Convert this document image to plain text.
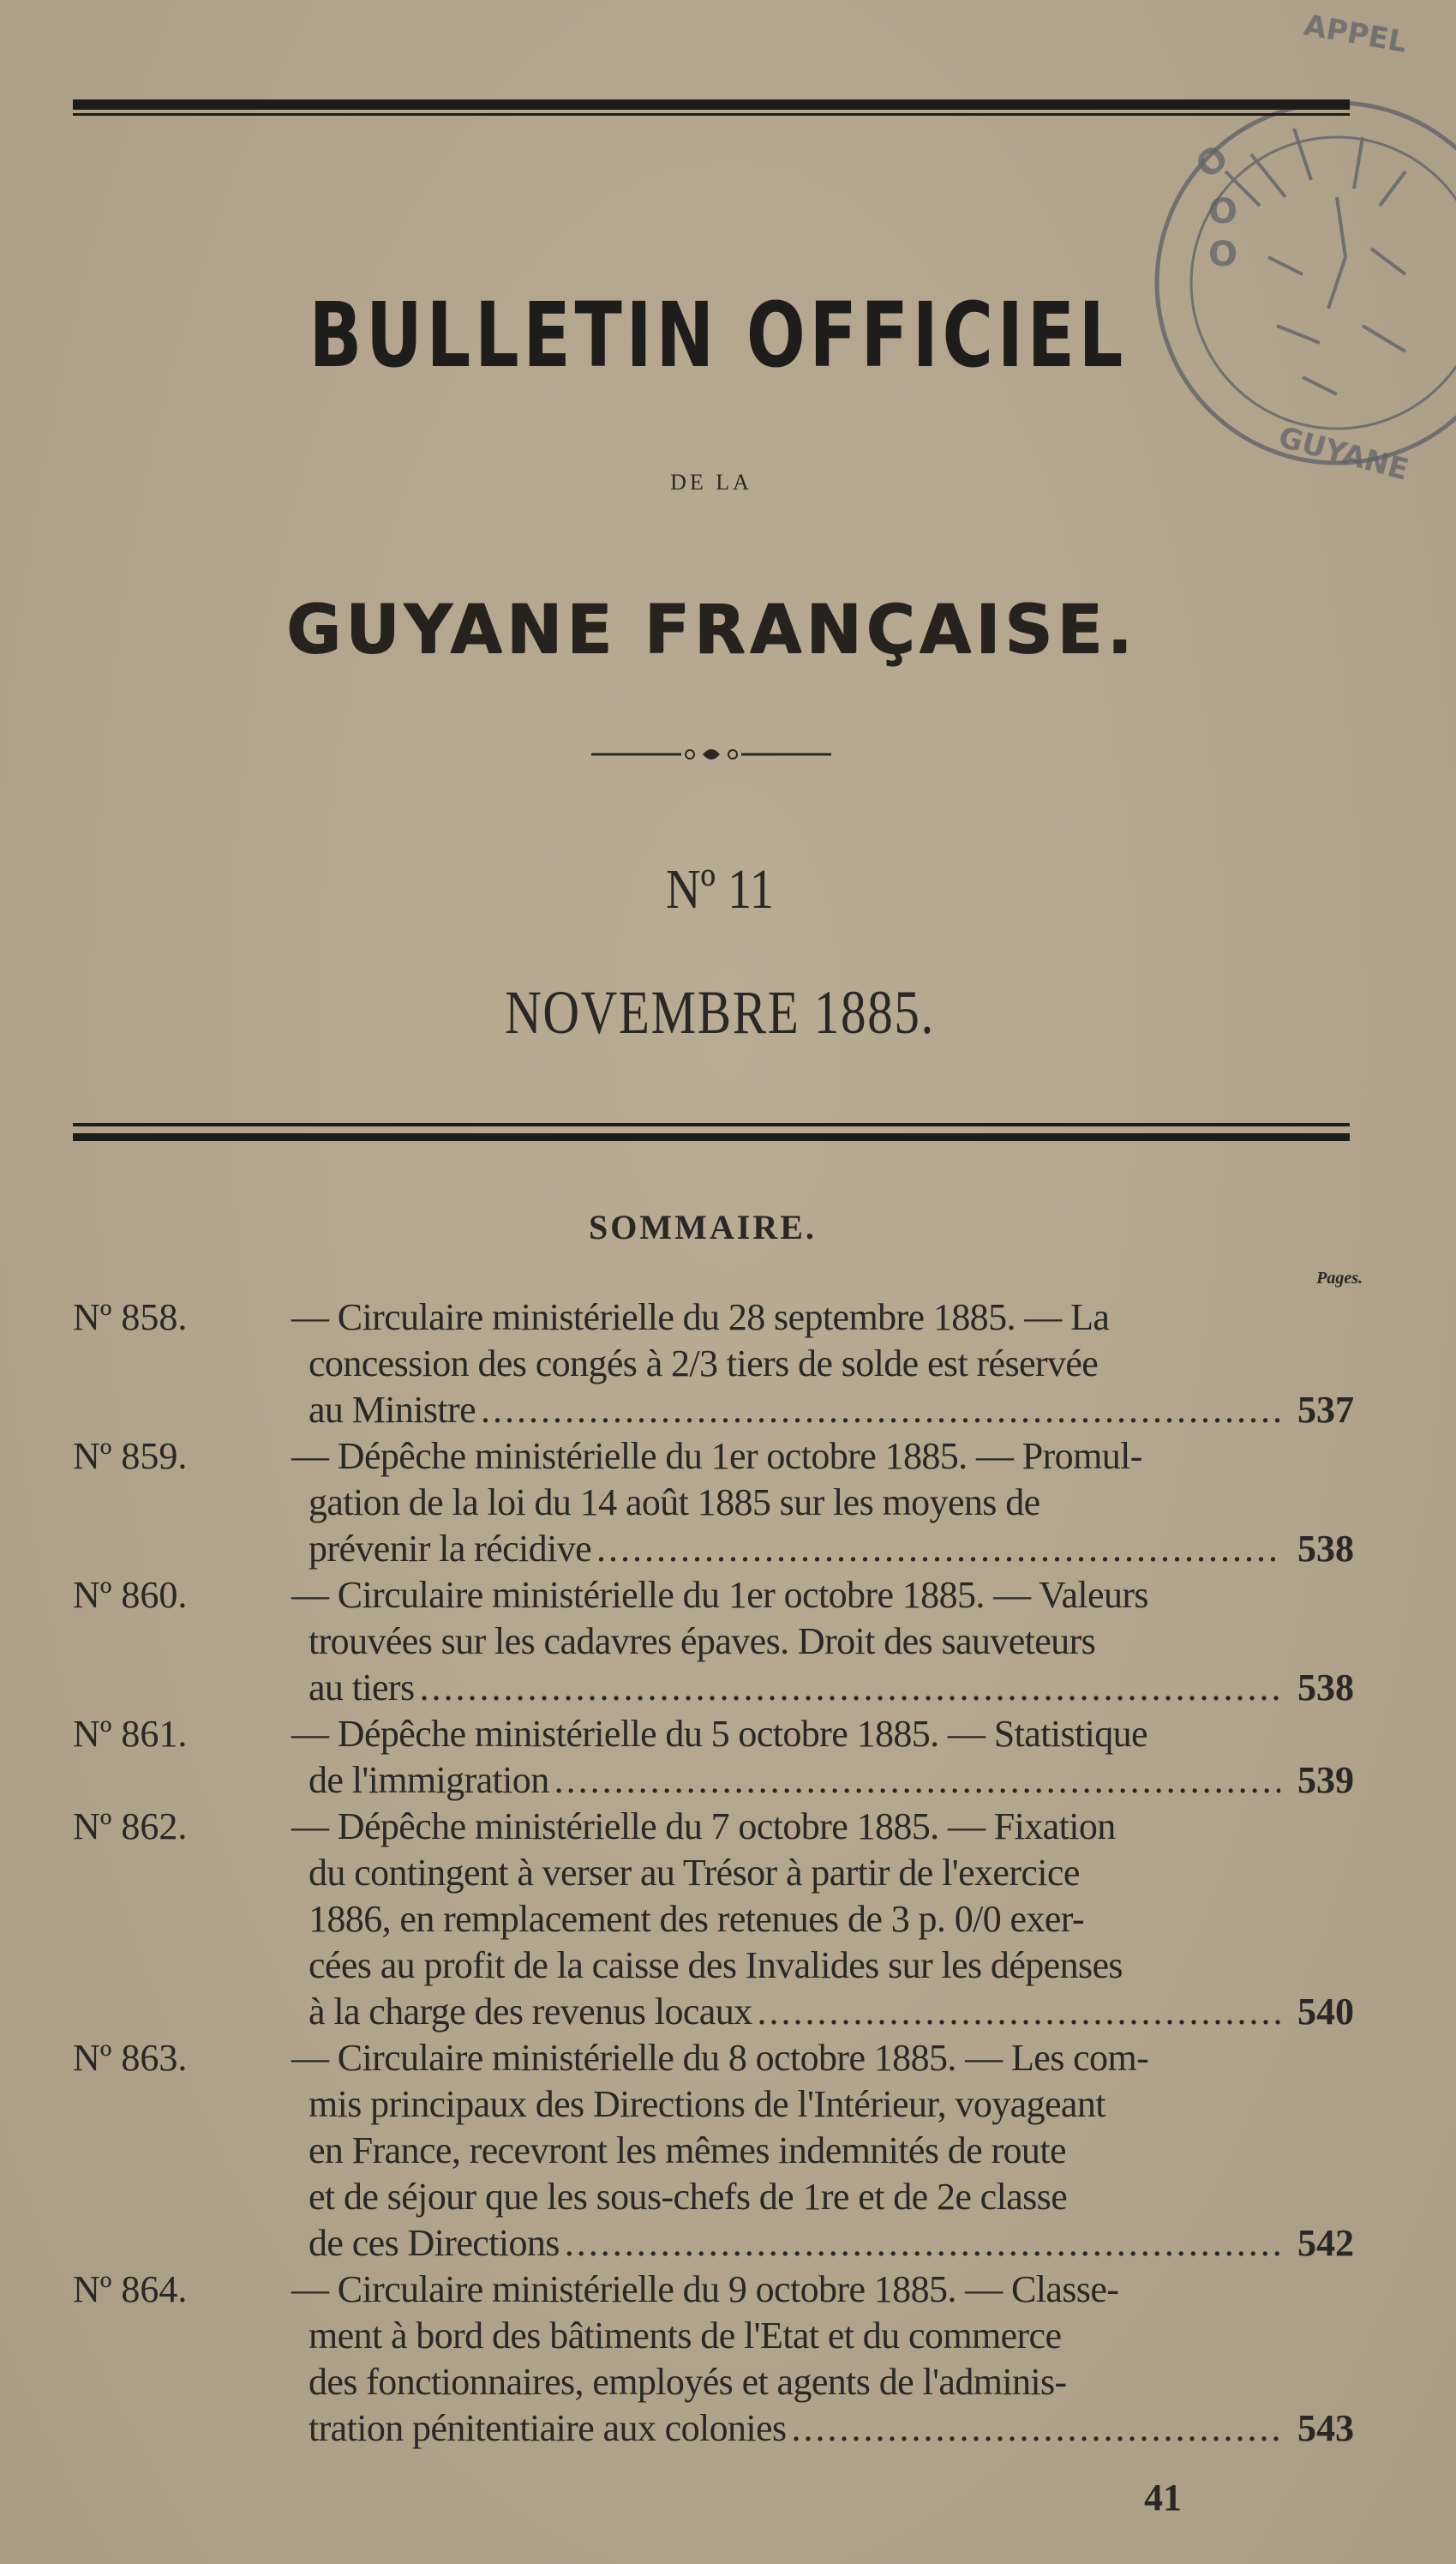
O
O
O
GUYANE
APPEL
BULLETIN OFFICIEL
DE LA
GUYANE FRANÇAISE.
Nº 11
NOVEMBRE 1885.
SOMMAIRE.
Pages.
Nº 858.	— Circulaire ministérielle du 28 septembre 1885. — La
concession des congés à 2/3 tiers de solde est réservée
au Ministre .....	537
Nº 859.	— Dépêche ministérielle du 1er octobre 1885. — Promul-
gation de la loi du 14 août 1885 sur les moyens de
prévenir la récidive .....	538
Nº 860.	— Circulaire ministérielle du 1er octobre 1885. — Valeurs
trouvées sur les cadavres épaves. Droit des sauveteurs
au tiers .....	538
Nº 861.	— Dépêche ministérielle du 5 octobre 1885. — Statistique
de l'immigration .....	539
Nº 862.	— Dépêche ministérielle du 7 octobre 1885. — Fixation
du contingent à verser au Trésor à partir de l'exercice
1886, en remplacement des retenues de 3 p. 0/0 exer-
cées au profit de la caisse des Invalides sur les dépenses
à la charge des revenus locaux .....	540
Nº 863.	— Circulaire ministérielle du 8 octobre 1885. — Les com-
mis principaux des Directions de l'Intérieur, voyageant
en France, recevront les mêmes indemnités de route
et de séjour que les sous-chefs de 1re et de 2e classe
de ces Directions .....	542
Nº 864.	— Circulaire ministérielle du 9 octobre 1885. — Classe-
ment à bord des bâtiments de l'Etat et du commerce
des fonctionnaires, employés et agents de l'adminis-
tration pénitentiaire aux colonies .....	543
41
